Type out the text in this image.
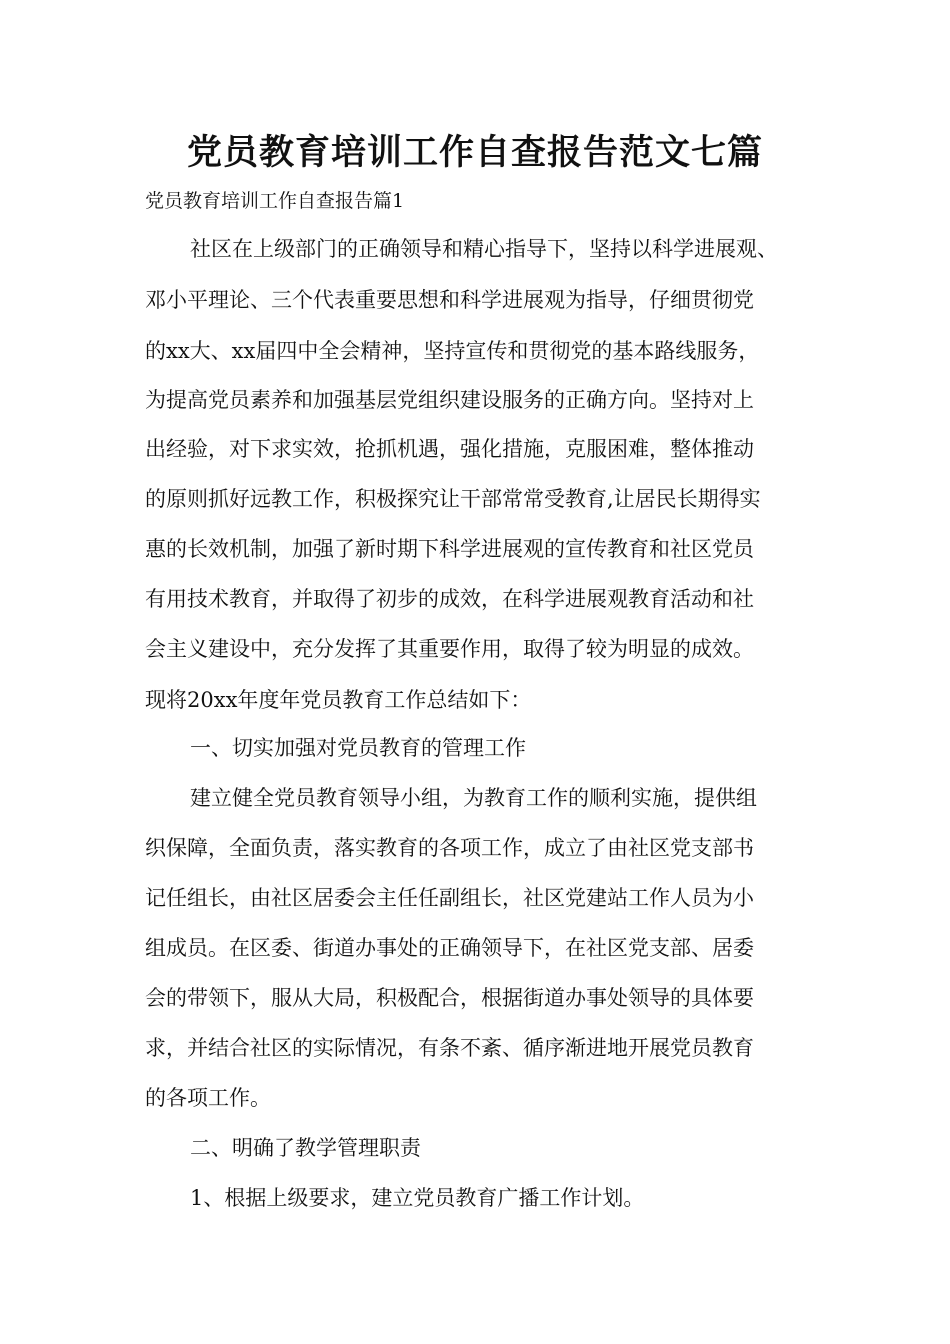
党员教育培训工作自查报告范文七篇

党员教育培训工作自查报告篇1

社区在上级部门的正确领导和精心指导下，坚持以科学进展观、

邓小平理论、三个代表重要思想和科学进展观为指导，仔细贯彻党

的xx大、xx届四中全会精神，坚持宣传和贯彻党的基本路线服务，

为提高党员素养和加强基层党组织建设服务的正确方向。坚持对上

出经验，对下求实效，抢抓机遇，强化措施，克服困难，整体推动

的原则抓好远教工作，积极探究让干部常常受教育,让居民长期得实

惠的长效机制，加强了新时期下科学进展观的宣传教育和社区党员

有用技术教育，并取得了初步的成效，在科学进展观教育活动和社

会主义建设中，充分发挥了其重要作用，取得了较为明显的成效。

现将20xx年度年党员教育工作总结如下：

一、切实加强对党员教育的管理工作

建立健全党员教育领导小组，为教育工作的顺利实施，提供组

织保障，全面负责，落实教育的各项工作，成立了由社区党支部书

记任组长，由社区居委会主任任副组长，社区党建站工作人员为小

组成员。在区委、街道办事处的正确领导下，在社区党支部、居委

会的带领下，服从大局，积极配合，根据街道办事处领导的具体要

求，并结合社区的实际情况，有条不紊、循序渐进地开展党员教育

的各项工作。

二、明确了教学管理职责

1、根据上级要求，建立党员教育广播工作计划。
